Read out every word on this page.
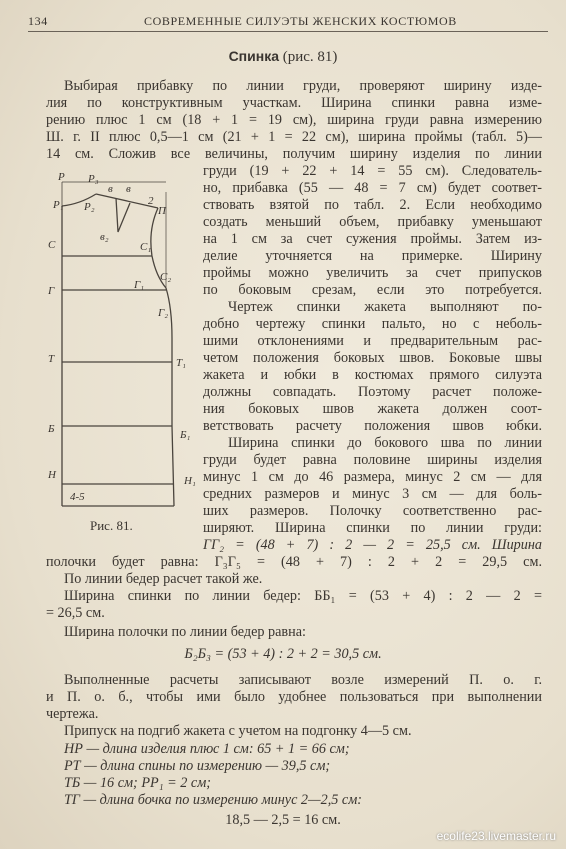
134	СОВРЕМЕННЫЕ СИЛУЭТЫ ЖЕНСКИХ КОСТЮМОВ
Спинка (рис. 81)
Выбирая прибавку по линии груди, проверяют ширину изде-
лия по конструктивным участкам. Ширина спинки равна изме-
рению плюс 1 см (18 + 1 = 19 см), ширина груди равна измерению
Ш. г. II плюс 0,5—1 см (21 + 1 = 22 см), ширина проймы (табл. 5)—
14 см. Сложив все величины, получим ширину изделия по линии
груди (19 + 22 + 14 = 55 см). Следователь-
но, прибавка (55 — 48 = 7 см) будет соответ-
ствовать взятой по табл. 2. Если необходимо
создать меньший объем, прибавку уменьшают
на 1 см за счет сужения проймы. Затем из-
делие уточняется на примерке. Ширину
проймы можно увеличить за счет припусков
по боковым срезам, если это потребуется.
Чертеж спинки жакета выполняют по-
добно чертежу спинки пальто, но с неболь-
шими отклонениями и предварительным рас-
четом положения боковых швов. Боковые швы
жакета и юбки в костюмах прямого силуэта
должны совпадать. Поэтому расчет положе-
ния боковых швов жакета должен соот-
ветствовать расчету положения швов юбки.
Ширина спинки до бокового шва по линии
груди будет равна половине ширины изделия
минус 1 см до 46 размера, минус 2 см — для
средних размеров и минус 3 см — для боль-
ших размеров. Полочку соответственно рас-
ширяют. Ширина спинки по линии груди:
ГГ₂ = (48 + 7) : 2 — 2 = 25,5 см. Ширина
полочки будет равна: Г₃Г₅ = (48 + 7) : 2 + 2 = 29,5 см.
По линии бедер расчет такой же.
Ширина спинки по линии бедер: ББ₁ = (53 + 4) : 2 — 2 =
= 26,5 см.
Ширина полочки по линии бедер равна:
Б₂Б₃ = (53 + 4) : 2 + 2 = 30,5 см.
Выполненные расчеты записывают возле измерений П. о. г.
и П. о. б., чтобы ими было удобнее пользоваться при выполнении
чертежа.
Припуск на подгиб жакета с учетом на подгонку 4—5 см.
НР — длина изделия плюс 1 см: 65 + 1 = 66 см;
РТ — длина спины по измерению — 39,5 см;
ТБ — 16 см; РР₁ = 2 см;
ТГ — длина бочка по измерению минус 2—2,5 см:
18,5 — 2,5 = 16 см.
Р Р₃
в в
Р₁ Р₂	2
П
в₂
С	С₁
С₂
Г	Г₁
Г₂
Т	Т₁
Б	Б₁
Н	Н₁
4-5
Рис. 81.
ecolife23.livemaster.ru
